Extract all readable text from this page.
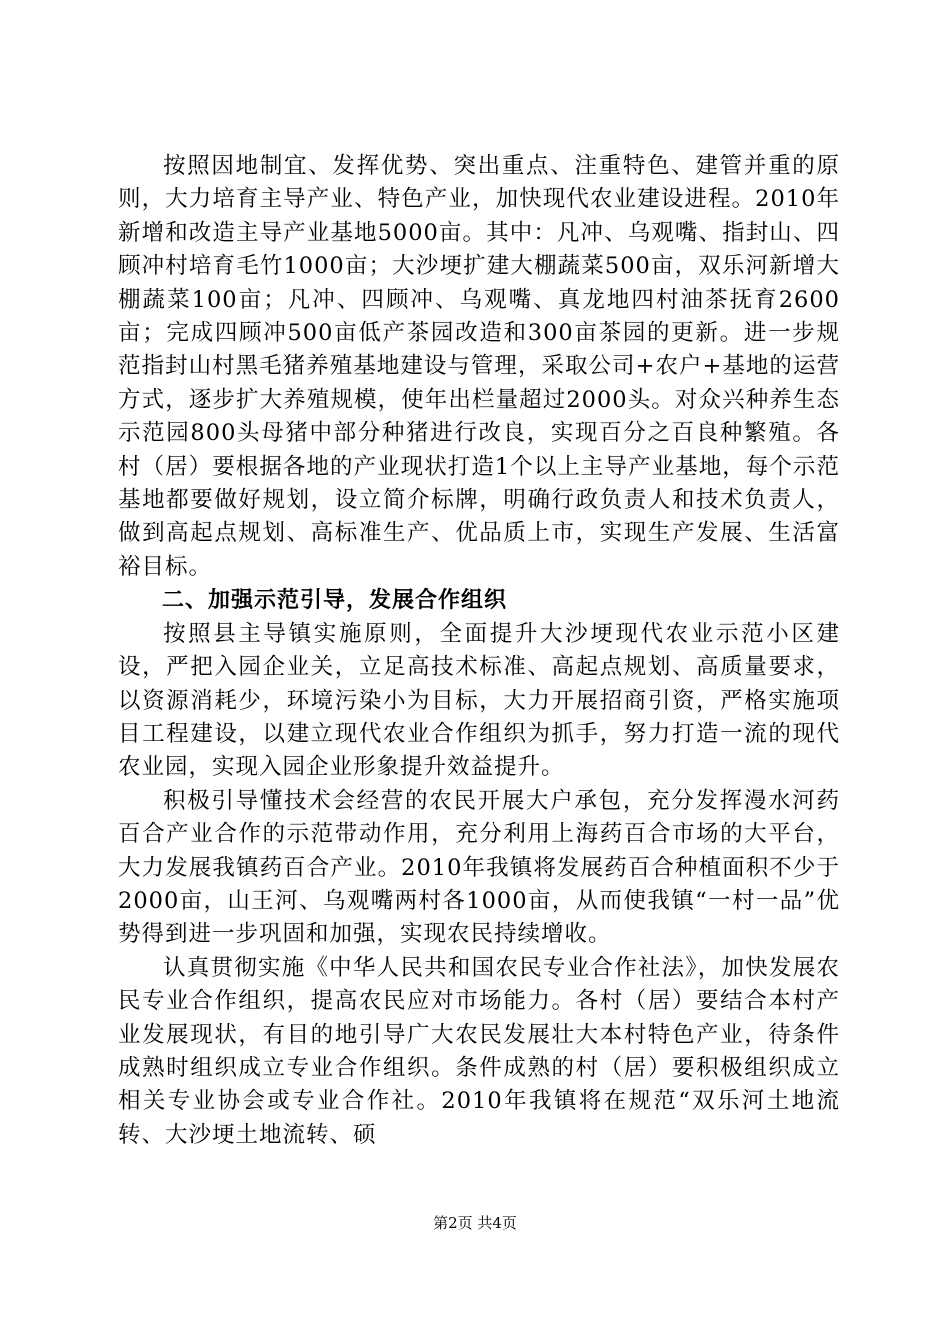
按照因地制宜、发挥优势、突出重点、注重特色、建管并重的原则，大力培育主导产业、特色产业，加快现代农业建设进程。2010年新增和改造主导产业基地5000亩。其中：凡冲、乌观嘴、指封山、四顾冲村培育毛竹1000亩；大沙埂扩建大棚蔬菜500亩，双乐河新增大棚蔬菜100亩；凡冲、四顾冲、乌观嘴、真龙地四村油茶抚育2600亩；完成四顾冲500亩低产茶园改造和300亩茶园的更新。进一步规范指封山村黑毛猪养殖基地建设与管理，采取公司+农户+基地的运营方式，逐步扩大养殖规模，使年出栏量超过2000头。对众兴种养生态示范园800头母猪中部分种猪进行改良，实现百分之百良种繁殖。各村（居）要根据各地的产业现状打造1个以上主导产业基地，每个示范基地都要做好规划，设立简介标牌，明确行政负责人和技术负责人，做到高起点规划、高标准生产、优品质上市，实现生产发展、生活富裕目标。

二、加强示范引导，发展合作组织

按照县主导镇实施原则，全面提升大沙埂现代农业示范小区建设，严把入园企业关，立足高技术标准、高起点规划、高质量要求，以资源消耗少，环境污染小为目标，大力开展招商引资，严格实施项目工程建设，以建立现代农业合作组织为抓手，努力打造一流的现代农业园，实现入园企业形象提升效益提升。

积极引导懂技术会经营的农民开展大户承包，充分发挥漫水河药百合产业合作的示范带动作用，充分利用上海药百合市场的大平台，大力发展我镇药百合产业。2010年我镇将发展药百合种植面积不少于2000亩，山王河、乌观嘴两村各1000亩，从而使我镇“一村一品”优势得到进一步巩固和加强，实现农民持续增收。

认真贯彻实施《中华人民共和国农民专业合作社法》，加快发展农民专业合作组织，提高农民应对市场能力。各村（居）要结合本村产业发展现状，有目的地引导广大农民发展壮大本村特色产业，待条件成熟时组织成立专业合作组织。条件成熟的村（居）要积极组织成立相关专业协会或专业合作社。2010年我镇将在规范“双乐河土地流转、大沙埂土地流转、硕

第2页 共4页
